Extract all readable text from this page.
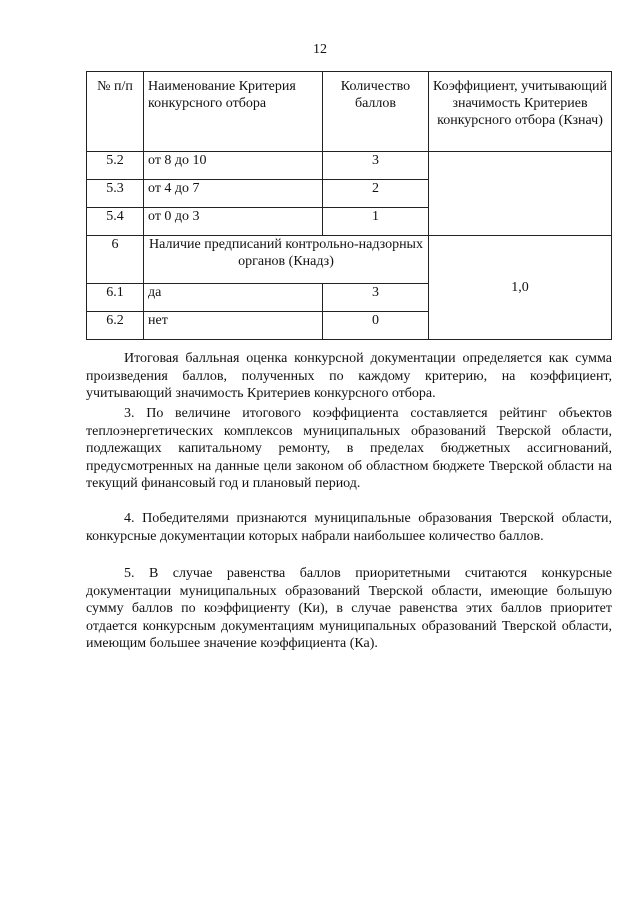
12
№ п/п	Наименование Критерия конкурсного отбора	Количество баллов	Коэффициент, учитывающий значимость Критериев конкурсного отбора (Кзнач)
5.2	от 8 до 10	3	
5.3	от 4 до 7	2	
5.4	от 0 до 3	1	
6	Наличие предписаний контрольно-надзорных органов (Кнадз)		1,0
6.1	да	3	
6.2	нет	0	

Итоговая балльная оценка конкурсной документации определяется как сумма произведения баллов, полученных по каждому критерию, на коэффициент, учитывающий значимость Критериев конкурсного отбора.

3. По величине итогового коэффициента составляется рейтинг объектов теплоэнергетических комплексов муниципальных образований Тверской области, подлежащих капитальному ремонту, в пределах бюджетных ассигнований, предусмотренных на данные цели законом об областном бюджете Тверской области на текущий финансовый год и плановый период.

4. Победителями признаются муниципальные образования Тверской области, конкурсные документации которых набрали наибольшее количество баллов.

5. В случае равенства баллов приоритетными считаются конкурсные документации муниципальных образований Тверской области, имеющие большую сумму баллов по коэффициенту (Ки), в случае равенства этих баллов приоритет отдается конкурсным документациям муниципальных образований Тверской области, имеющим большее значение коэффициента (Ка).
